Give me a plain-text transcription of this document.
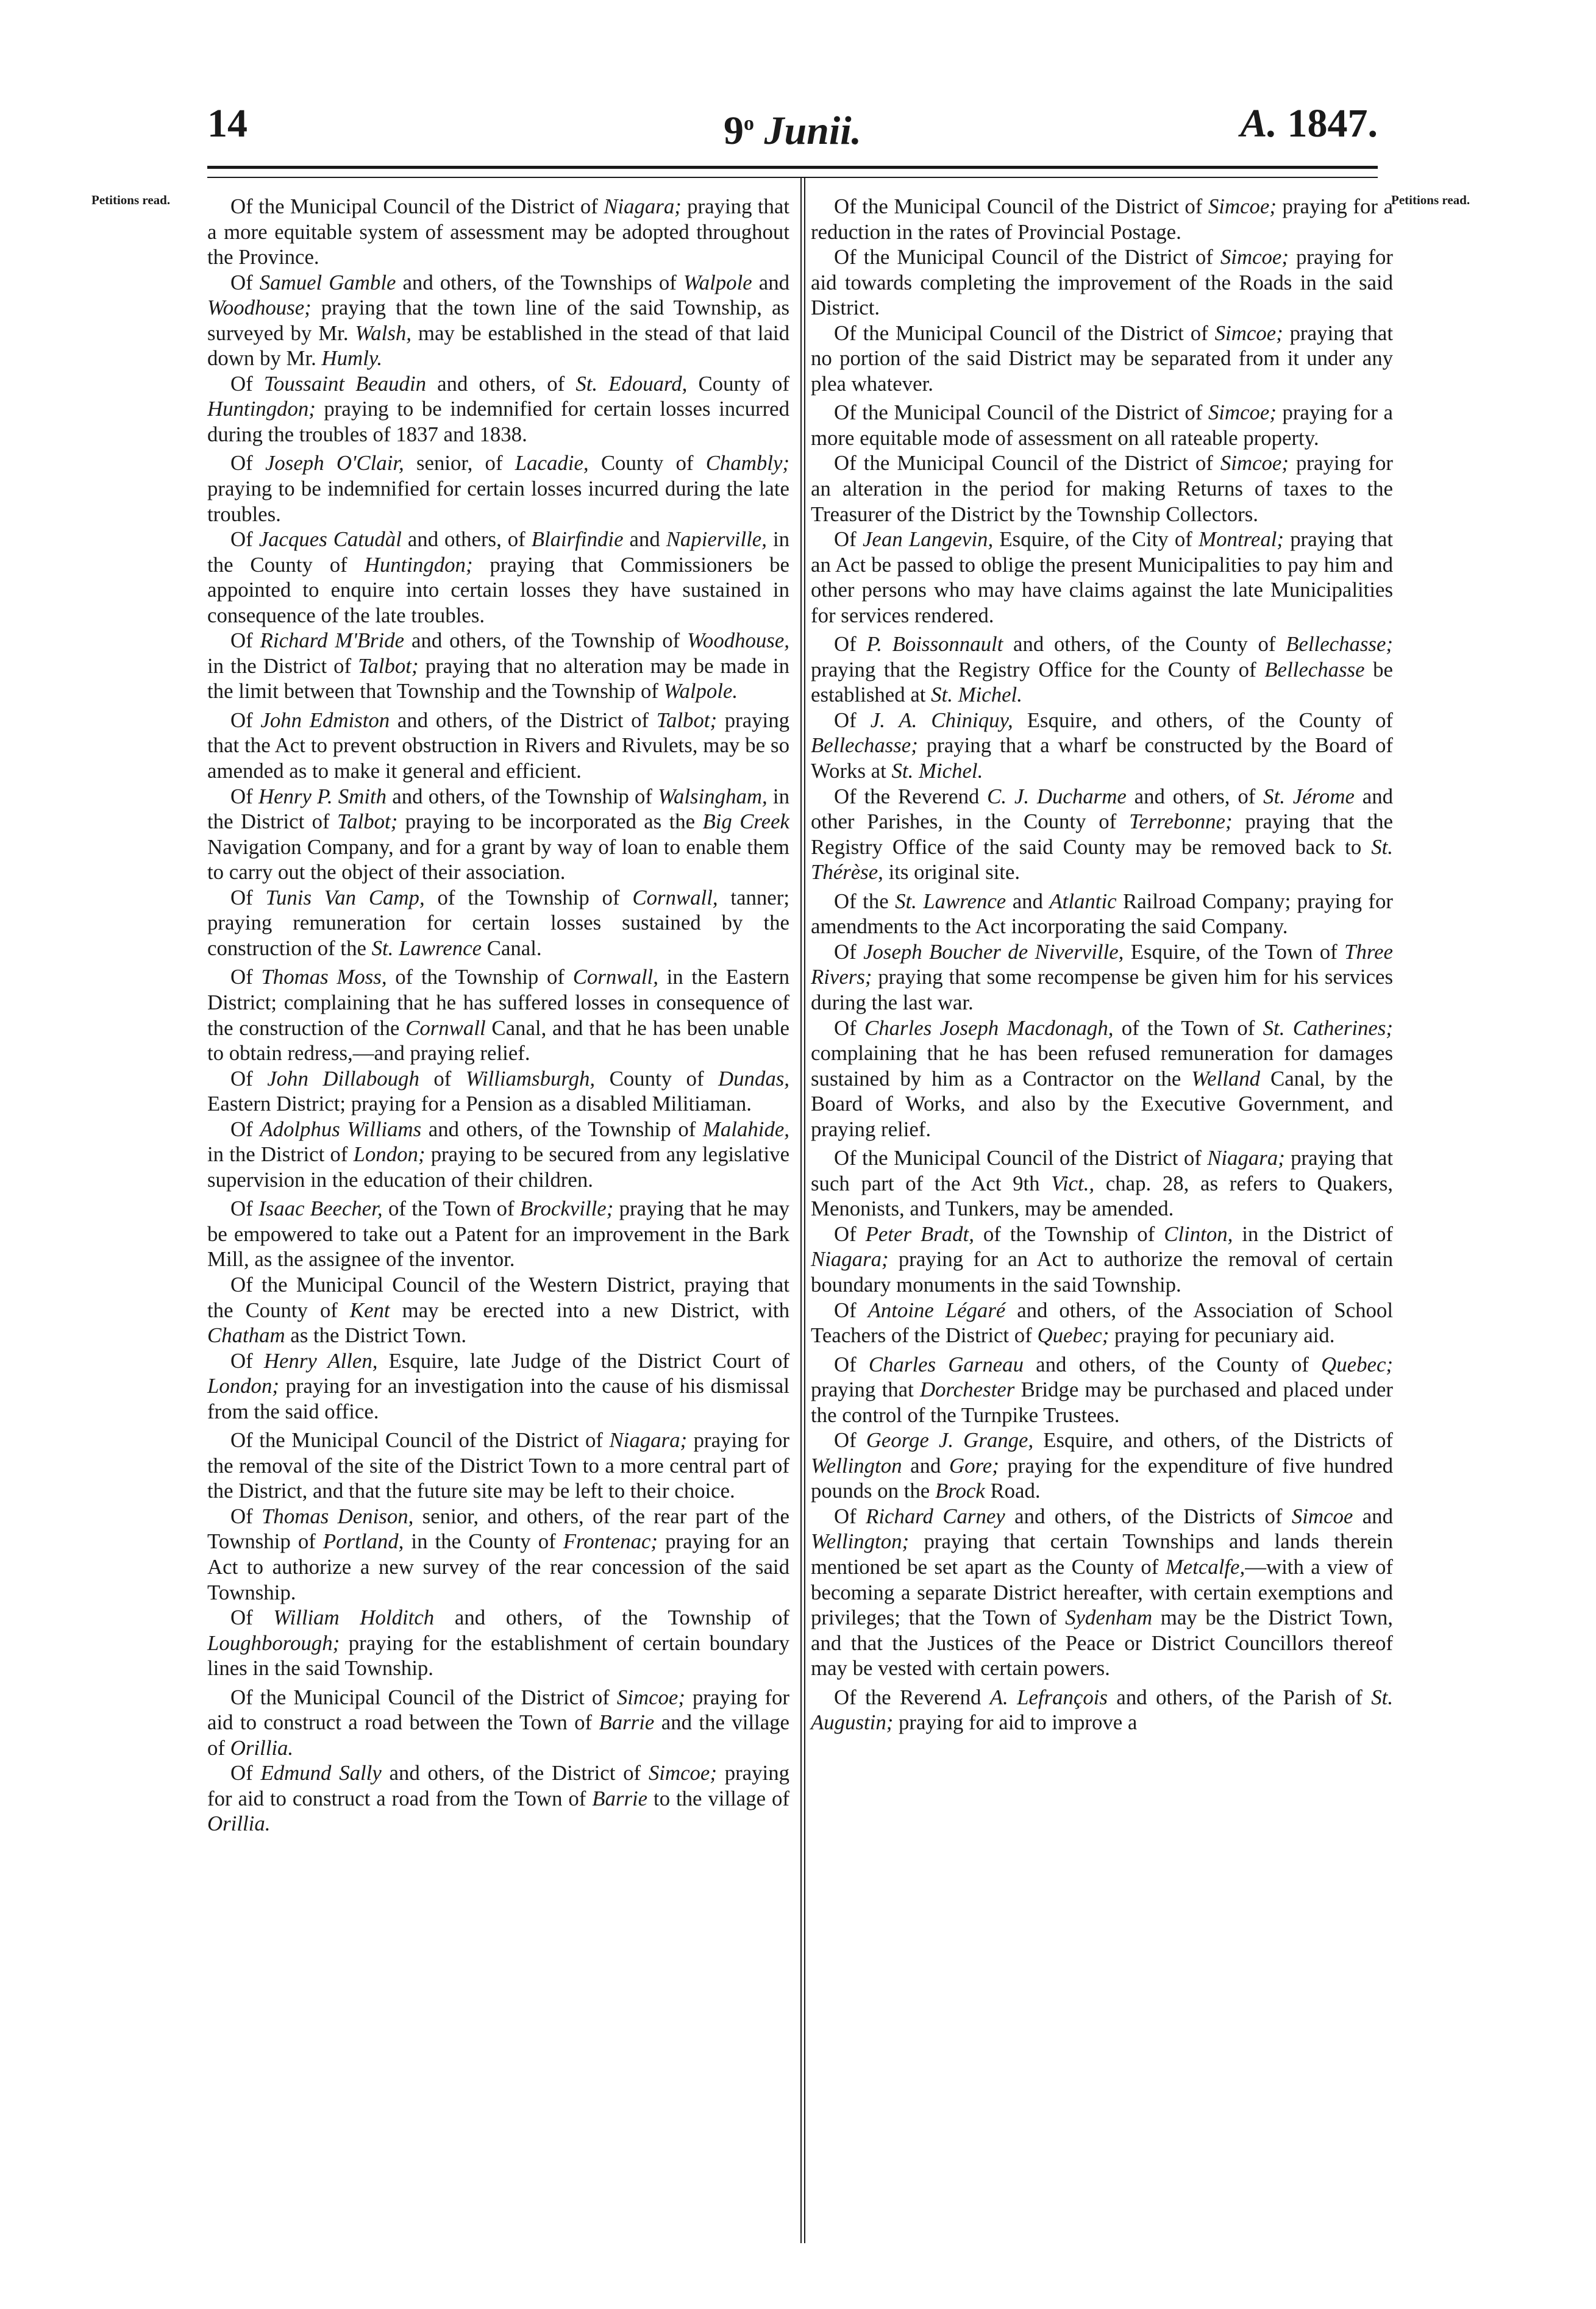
14	9$^o$ Junii.	A. 1847.
Petitions read.	Petitions read.

Of the Municipal Council of the District of Niagara; praying that a more equitable system of assessment may be adopted throughout the Province.

Of Samuel Gamble and others, of the Townships of Walpole and Woodhouse; praying that the town line of the said Township, as surveyed by Mr. Walsh, may be established in the stead of that laid down by Mr. Humly.

Of Toussaint Beaudin and others, of St. Edouard, County of Huntingdon; praying to be indemnified for certain losses incurred during the troubles of 1837 and 1838.

Of Joseph O'Clair, senior, of Lacadie, County of Chambly; praying to be indemnified for certain losses incurred during the late troubles.

Of Jacques Catudàl and others, of Blairfindie and Napierville, in the County of Huntingdon; praying that Commissioners be appointed to enquire into certain losses they have sustained in consequence of the late troubles.

Of Richard M'Bride and others, of the Township of Woodhouse, in the District of Talbot; praying that no alteration may be made in the limit between that Township and the Township of Walpole.

Of John Edmiston and others, of the District of Talbot; praying that the Act to prevent obstruction in Rivers and Rivulets, may be so amended as to make it general and efficient.

Of Henry P. Smith and others, of the Township of Walsingham, in the District of Talbot; praying to be incorporated as the Big Creek Navigation Company, and for a grant by way of loan to enable them to carry out the object of their association.

Of Tunis Van Camp, of the Township of Cornwall, tanner; praying remuneration for certain losses sustained by the construction of the St. Lawrence Canal.

Of Thomas Moss, of the Township of Cornwall, in the Eastern District; complaining that he has suffered losses in consequence of the construction of the Cornwall Canal, and that he has been unable to obtain redress,—and praying relief.

Of John Dillabough of Williamsburgh, County of Dundas, Eastern District; praying for a Pension as a disabled Militiaman.

Of Adolphus Williams and others, of the Township of Malahide, in the District of London; praying to be secured from any legislative supervision in the education of their children.

Of Isaac Beecher, of the Town of Brockville; praying that he may be empowered to take out a Patent for an improvement in the Bark Mill, as the assignee of the inventor.

Of the Municipal Council of the Western District, praying that the County of Kent may be erected into a new District, with Chatham as the District Town.

Of Henry Allen, Esquire, late Judge of the District Court of London; praying for an investigation into the cause of his dismissal from the said office.

Of the Municipal Council of the District of Niagara; praying for the removal of the site of the District Town to a more central part of the District, and that the future site may be left to their choice.

Of Thomas Denison, senior, and others, of the rear part of the Township of Portland, in the County of Frontenac; praying for an Act to authorize a new survey of the rear concession of the said Township.

Of William Holditch and others, of the Township of Loughborough; praying for the establishment of certain boundary lines in the said Township.

Of the Municipal Council of the District of Simcoe; praying for aid to construct a road between the Town of Barrie and the village of Orillia.

Of Edmund Sally and others, of the District of Simcoe; praying for aid to construct a road from the Town of Barrie to the village of Orillia.

Of the Municipal Council of the District of Simcoe; praying for a reduction in the rates of Provincial Postage.

Of the Municipal Council of the District of Simcoe; praying for aid towards completing the improvement of the Roads in the said District.

Of the Municipal Council of the District of Simcoe; praying that no portion of the said District may be separated from it under any plea whatever.

Of the Municipal Council of the District of Simcoe; praying for a more equitable mode of assessment on all rateable property.

Of the Municipal Council of the District of Simcoe; praying for an alteration in the period for making Returns of taxes to the Treasurer of the District by the Township Collectors.

Of Jean Langevin, Esquire, of the City of Montreal; praying that an Act be passed to oblige the present Municipalities to pay him and other persons who may have claims against the late Municipalities for services rendered.

Of P. Boissonnault and others, of the County of Bellechasse; praying that the Registry Office for the County of Bellechasse be established at St. Michel.

Of J. A. Chiniquy, Esquire, and others, of the County of Bellechasse; praying that a wharf be constructed by the Board of Works at St. Michel.

Of the Reverend C. J. Ducharme and others, of St. Jérome and other Parishes, in the County of Terrebonne; praying that the Registry Office of the said County may be removed back to St. Thérèse, its original site.

Of the St. Lawrence and Atlantic Railroad Company; praying for amendments to the Act incorporating the said Company.

Of Joseph Boucher de Niverville, Esquire, of the Town of Three Rivers; praying that some recompense be given him for his services during the last war.

Of Charles Joseph Macdonagh, of the Town of St. Catherines; complaining that he has been refused remuneration for damages sustained by him as a Contractor on the Welland Canal, by the Board of Works, and also by the Executive Government, and praying relief.

Of the Municipal Council of the District of Niagara; praying that such part of the Act 9th Vict., chap. 28, as refers to Quakers, Menonists, and Tunkers, may be amended.

Of Peter Bradt, of the Township of Clinton, in the District of Niagara; praying for an Act to authorize the removal of certain boundary monuments in the said Township.

Of Antoine Légaré and others, of the Association of School Teachers of the District of Quebec; praying for pecuniary aid.

Of Charles Garneau and others, of the County of Quebec; praying that Dorchester Bridge may be purchased and placed under the control of the Turnpike Trustees.

Of George J. Grange, Esquire, and others, of the Districts of Wellington and Gore; praying for the expenditure of five hundred pounds on the Brock Road.

Of Richard Carney and others, of the Districts of Simcoe and Wellington; praying that certain Townships and lands therein mentioned be set apart as the County of Metcalfe,—with a view of becoming a separate District hereafter, with certain exemptions and privileges; that the Town of Sydenham may be the District Town, and that the Justices of the Peace or District Councillors thereof may be vested with certain powers.

Of the Reverend A. Lefrançois and others, of the Parish of St. Augustin; praying for aid to improve a
